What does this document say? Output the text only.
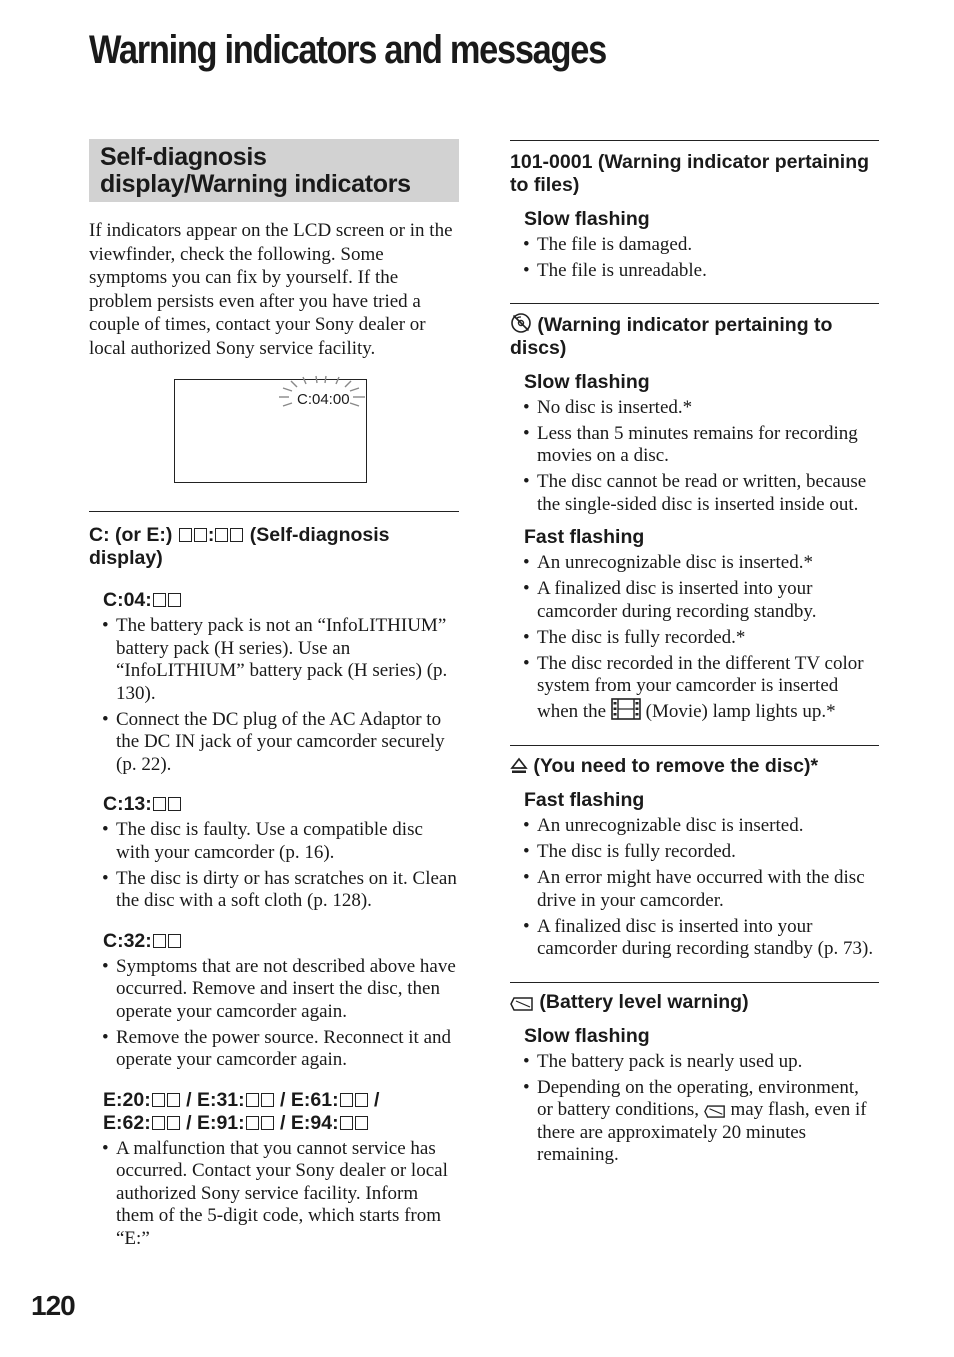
Warning indicators and messages
Self-diagnosis display/Warning indicators

If indicators appear on the LCD screen or in the viewfinder, check the following. Some symptoms you can fix by yourself. If the problem persists even after you have tried a couple of times, contact your Sony dealer or local authorized Sony service facility.

C:04:00
C: (or E:) : (Self-diagnosis display)
C:04:
• The battery pack is not an “InfoLITHIUM” battery pack (H series). Use an “InfoLITHIUM” battery pack (H series) (p. 130).
• Connect the DC plug of the AC Adaptor to the DC IN jack of your camcorder securely (p. 22).
C:13:
• The disc is faulty. Use a compatible disc with your camcorder (p. 16).
• The disc is dirty or has scratches on it. Clean the disc with a soft cloth (p. 128).
C:32:
• Symptoms that are not described above have occurred. Remove and insert the disc, then operate your camcorder again.
• Remove the power source. Reconnect it and operate your camcorder again.
E:20: / E:31: / E:61: /
E:62: / E:91: / E:94:
• A malfunction that you cannot service has occurred. Contact your Sony dealer or local authorized Sony service facility. Inform them of the 5-digit code, which starts from “E:”
101-0001 (Warning indicator pertaining to files)
Slow flashing
• The file is damaged.
• The file is unreadable.
(Warning indicator pertaining to discs)
Slow flashing
• No disc is inserted.*
• Less than 5 minutes remains for recording movies on a disc.
• The disc cannot be read or written, because the single-sided disc is inserted inside out.
Fast flashing
• An unrecognizable disc is inserted.*
• A finalized disc is inserted into your camcorder during recording standby.
• The disc is fully recorded.*
• The disc recorded in the different TV color system from your camcorder is inserted when the (Movie) lamp lights up.*
(You need to remove the disc)*
Fast flashing
• An unrecognizable disc is inserted.
• The disc is fully recorded.
• An error might have occurred with the disc drive in your camcorder.
• A finalized disc is inserted into your camcorder during recording standby (p. 73).
(Battery level warning)
Slow flashing
• The battery pack is nearly used up.
• Depending on the operating, environment, or battery conditions, may flash, even if there are approximately 20 minutes remaining.
120
